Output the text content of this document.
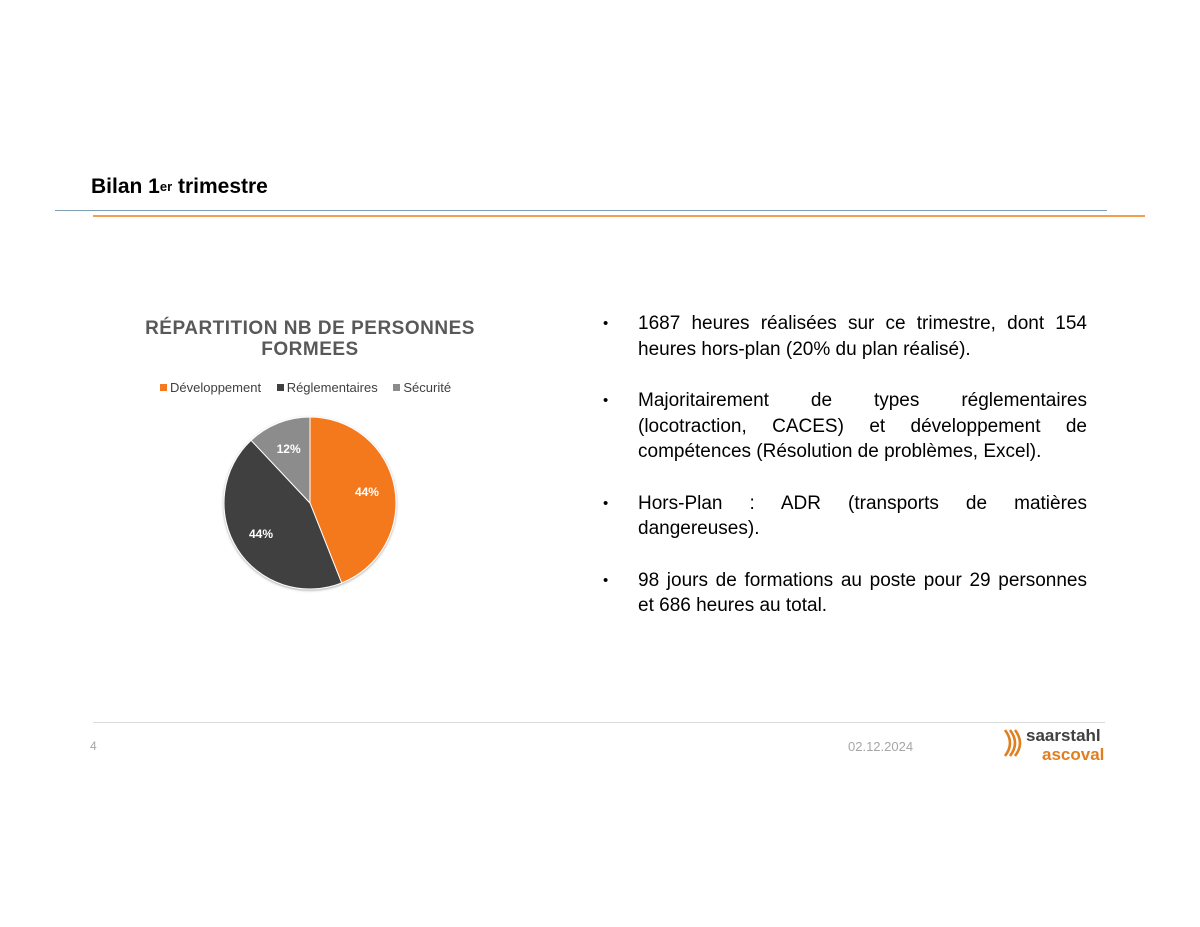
Bilan 1er trimestre
RÉPARTITION NB DE PERSONNES
FORMEES
Développement Réglementaires Sécurité
44%
44%
12%
• 1687 heures réalisées sur ce trimestre, dont 154 heures hors-plan (20% du plan réalisé).
• Majoritairement de types réglementaires (locotraction, CACES) et développement de compétences (Résolution de problèmes, Excel).
• Hors-Plan : ADR (transports de matières dangereuses).
• 98 jours de formations au poste pour 29 personnes et 686 heures au total.
4	02.12.2024
saarstahl
ascoval
